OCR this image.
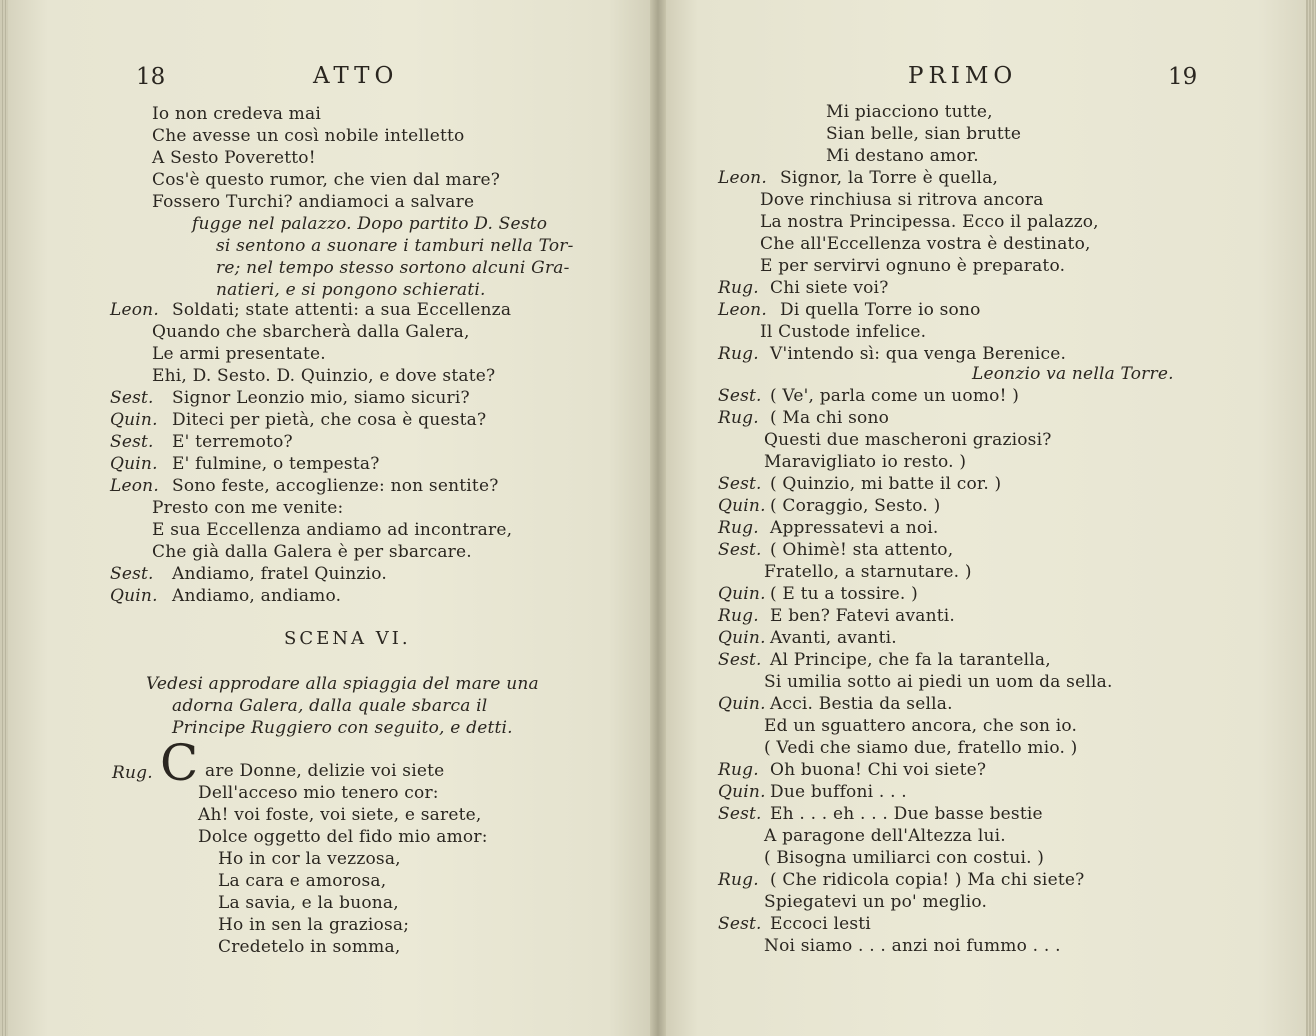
18	ATTO
Io non credeva mai
Che avesse un così nobile intelletto
A Sesto Poveretto!
Cos'è questo rumor, che vien dal mare?
Fossero Turchi? andiamoci a salvare
fugge nel palazzo. Dopo partito D. Sesto
si sentono a suonare i tamburi nella Tor-
re; nel tempo stesso sortono alcuni Gra-
natieri, e si pongono schierati.
Leon. Soldati; state attenti: a sua Eccellenza
Quando che sbarcherà dalla Galera,
Le armi presentate.
Ehi, D. Sesto. D. Quinzio, e dove state?
Sest. Signor Leonzio mio, siamo sicuri?
Quin. Diteci per pietà, che cosa è questa?
Sest. E' terremoto?
Quin. E' fulmine, o tempesta?
Leon. Sono feste, accoglienze: non sentite?
Presto con me venite:
E sua Eccellenza andiamo ad incontrare,
Che già dalla Galera è per sbarcare.
Sest. Andiamo, fratel Quinzio.
Quin. Andiamo, andiamo.
SCENA VI.
Vedesi approdare alla spiaggia del mare una
adorna Galera, dalla quale sbarca il
Principe Ruggiero con seguito, e detti.
Rug. C are Donne, delizie voi siete
Dell'acceso mio tenero cor:
Ah! voi foste, voi siete, e sarete,
Dolce oggetto del fido mio amor:
Ho in cor la vezzosa,
La cara e amorosa,
La savia, e la buona,
Ho in sen la graziosa;
Credetelo in somma,
PRIMO	19
Mi piacciono tutte,
Sian belle, sian brutte
Mi destano amor.
Leon. Signor, la Torre è quella,
Dove rinchiusa si ritrova ancora
La nostra Principessa. Ecco il palazzo,
Che all'Eccellenza vostra è destinato,
E per servirvi ognuno è preparato.
Rug. Chi siete voi?
Leon. Di quella Torre io sono
Il Custode infelice.
Rug. V'intendo sì: qua venga Berenice.
Leonzio va nella Torre.
Sest. ( Ve', parla come un uomo! )
Rug. ( Ma chi sono
Questi due mascheroni graziosi?
Maravigliato io resto. )
Sest. ( Quinzio, mi batte il cor. )
Quin. ( Coraggio, Sesto. )
Rug. Appressatevi a noi.
Sest. ( Ohimè! sta attento,
Fratello, a starnutare. )
Quin. ( E tu a tossire. )
Rug. E ben? Fatevi avanti.
Quin. Avanti, avanti.
Sest. Al Principe, che fa la tarantella,
Si umilia sotto ai piedi un uom da sella.
Quin. Acci. Bestia da sella.
Ed un sguattero ancora, che son io.
( Vedi che siamo due, fratello mio. )
Rug. Oh buona! Chi voi siete?
Quin. Due buffoni . . .
Sest. Eh . . . eh . . . Due basse bestie
A paragone dell'Altezza lui.
( Bisogna umiliarci con costui. )
Rug. ( Che ridicola copia! ) Ma chi siete?
Spiegatevi un po' meglio.
Sest. Eccoci lesti
Noi siamo . . . anzi noi fummo . . .
